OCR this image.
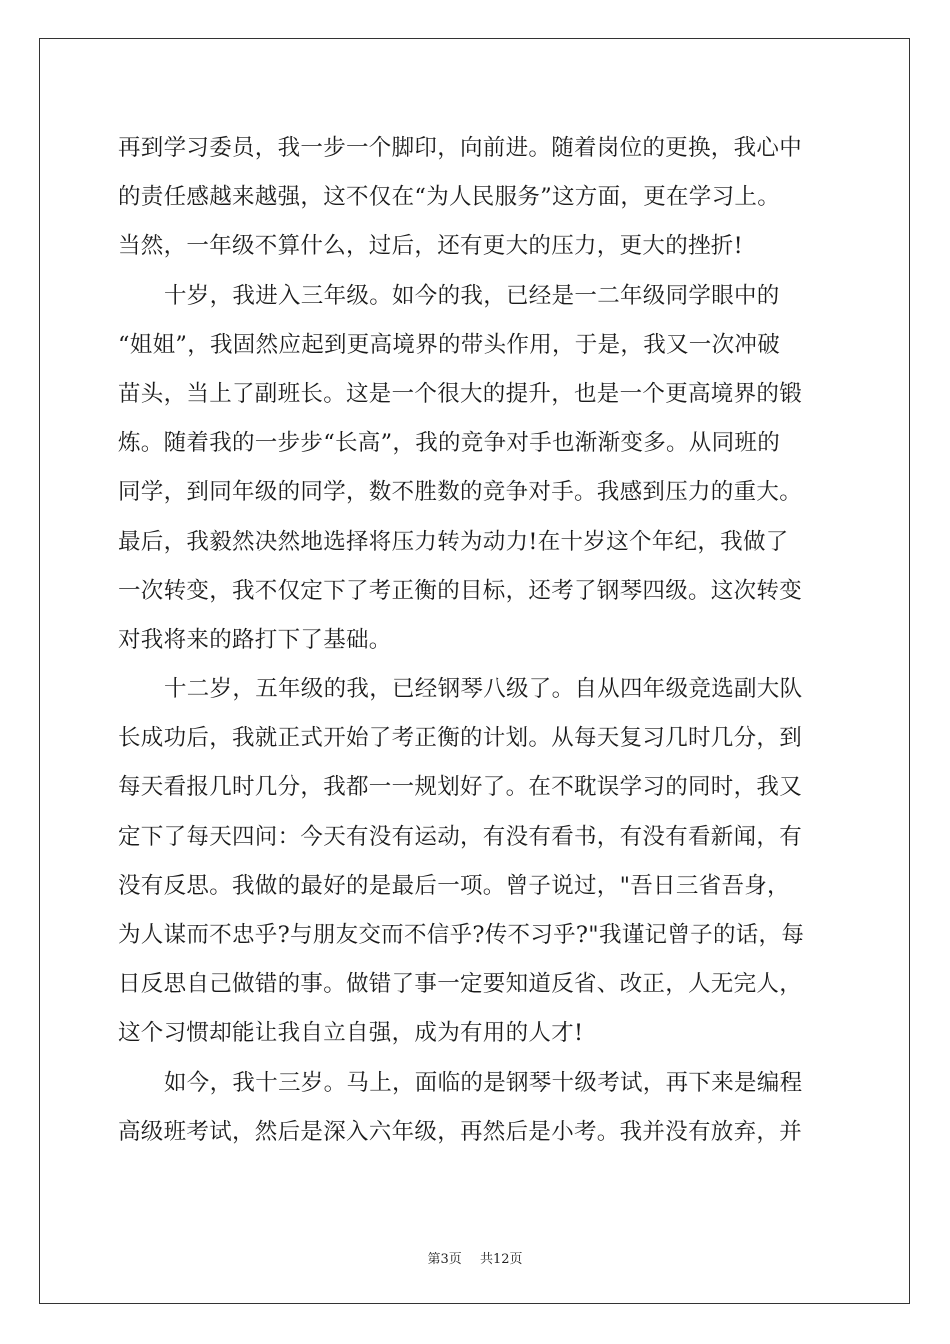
再到学习委员，我一步一个脚印，向前进。随着岗位的更换，我心中
的责任感越来越强，这不仅在“为人民服务”这方面，更在学习上。
当然，一年级不算什么，过后，还有更大的压力，更大的挫折!
十岁，我进入三年级。如今的我，已经是一二年级同学眼中的
“姐姐”，我固然应起到更高境界的带头作用，于是，我又一次冲破
苗头，当上了副班长。这是一个很大的提升，也是一个更高境界的锻
炼。随着我的一步步“长高”，我的竞争对手也渐渐变多。从同班的
同学，到同年级的同学，数不胜数的竞争对手。我感到压力的重大。
最后，我毅然决然地选择将压力转为动力!在十岁这个年纪，我做了
一次转变，我不仅定下了考正衡的目标，还考了钢琴四级。这次转变
对我将来的路打下了基础。
十二岁，五年级的我，已经钢琴八级了。自从四年级竞选副大队
长成功后，我就正式开始了考正衡的计划。从每天复习几时几分，到
每天看报几时几分，我都一一规划好了。在不耽误学习的同时，我又
定下了每天四问：今天有没有运动，有没有看书，有没有看新闻，有
没有反思。我做的最好的是最后一项。曾子说过，"吾日三省吾身，
为人谋而不忠乎?与朋友交而不信乎?传不习乎?"我谨记曾子的话，每
日反思自己做错的事。做错了事一定要知道反省、改正，人无完人，
这个习惯却能让我自立自强，成为有用的人才!
如今，我十三岁。马上，面临的是钢琴十级考试，再下来是编程
高级班考试，然后是深入六年级，再然后是小考。我并没有放弃，并
第3页 共12页
